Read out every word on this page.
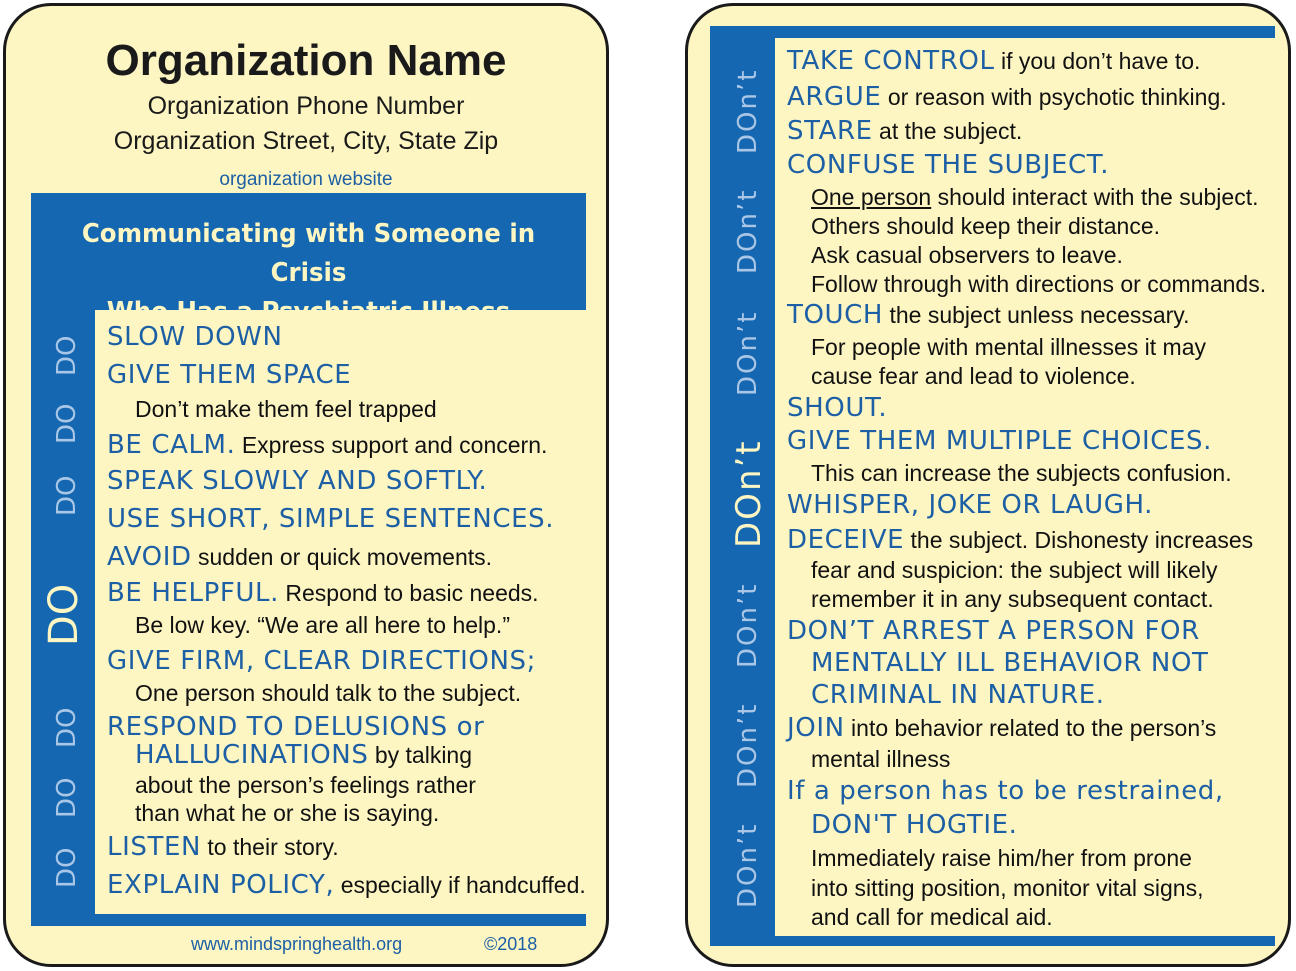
Organization Name
Organization Phone Number
Organization Street, City, State Zip
organization website
Communicating with Someone in Crisis
DO
DO
DO
DO
DO
DO
DO SLOW DOWN
GIVE THEM SPACE
Don’t make them feel trapped
BE CALM. Express support and concern.
SPEAK SLOWLY AND SOFTLY.
USE SHORT, SIMPLE SENTENCES.
AVOID sudden or quick movements.
BE HELPFUL. Respond to basic needs.
Be low key. “We are all here to help.”
GIVE FIRM, CLEAR DIRECTIONS;
One person should talk to the subject.
RESPOND TO DELUSIONS or
HALLUCINATIONS by talking
about the person’s feelings rather
than what he or she is saying.
LISTEN to their story.
EXPLAIN POLICY, especially if handcuffed.
www.mindspringhealth.org	©2018
DOn’t
DOn’t
DOn’t
DOn’t
DOn’t
DOn’t
DOn’t
TAKE CONTROL if you don’t have to.
ARGUE or reason with psychotic thinking.
STARE at the subject.
CONFUSE THE SUBJECT.
One person should interact with the subject.
Others should keep their distance.
Ask casual observers to leave.
Follow through with directions or commands.
TOUCH the subject unless necessary.
For people with mental illnesses it may
cause fear and lead to violence.
SHOUT.
GIVE THEM MULTIPLE CHOICES.
This can increase the subjects confusion.
WHISPER, JOKE OR LAUGH.
DECEIVE the subject. Dishonesty increases
fear and suspicion: the subject will likely
remember it in any subsequent contact.
DON’T ARREST A PERSON FOR
MENTALLY ILL BEHAVIOR NOT
CRIMINAL IN NATURE.
JOIN into behavior related to the person’s
mental illness
If a person has to be restrained,
DON'T HOGTIE.
Immediately raise him/her from prone
into sitting position, monitor vital signs,
and call for medical aid.
